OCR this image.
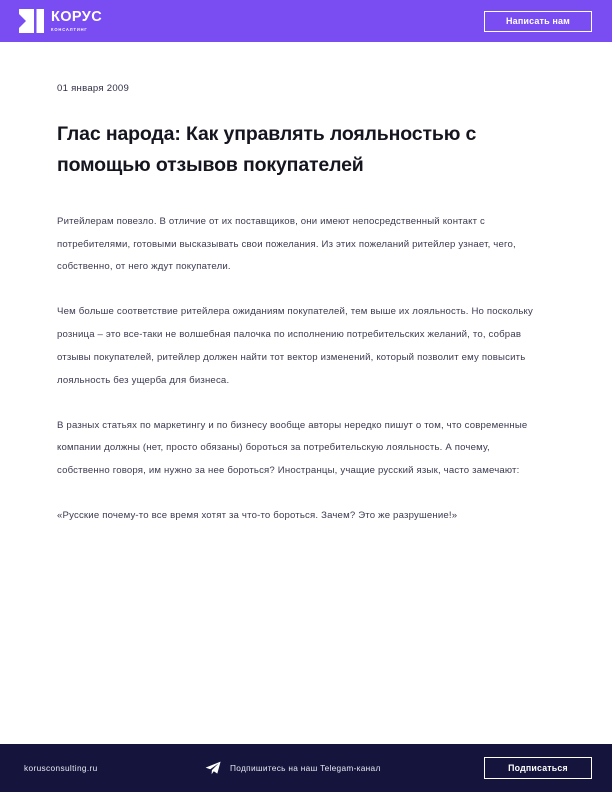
КОРУС
КОНСАЛТИНГ
Написать нам
01 января 2009
Глас народа: Как управлять лояльностью с помощью отзывов покупателей

Ритейлерам повезло. В отличие от их поставщиков, они имеют непосредственный контакт с потребителями, готовыми высказывать свои пожелания. Из этих пожеланий ритейлер узнает, чего, собственно, от него ждут покупатели.

Чем больше соответствие ритейлера ожиданиям покупателей, тем выше их лояльность. Но поскольку розница – это все-таки не волшебная палочка по исполнению потребительских желаний, то, собрав отзывы покупателей, ритейлер должен найти тот вектор изменений, который позволит ему повысить лояльность без ущерба для бизнеса.

В разных статьях по маркетингу и по бизнесу вообще авторы нередко пишут о том, что современные компании должны (нет, просто обязаны) бороться за потребительскую лояльность. А почему, собственно говоря, им нужно за нее бороться? Иностранцы, учащие русский язык, часто замечают:

«Русские почему-то все время хотят за что-то бороться. Зачем? Это же разрушение!»

korusconsulting.ru	Подпишитесь на наш Telegam-канал	Подписаться
